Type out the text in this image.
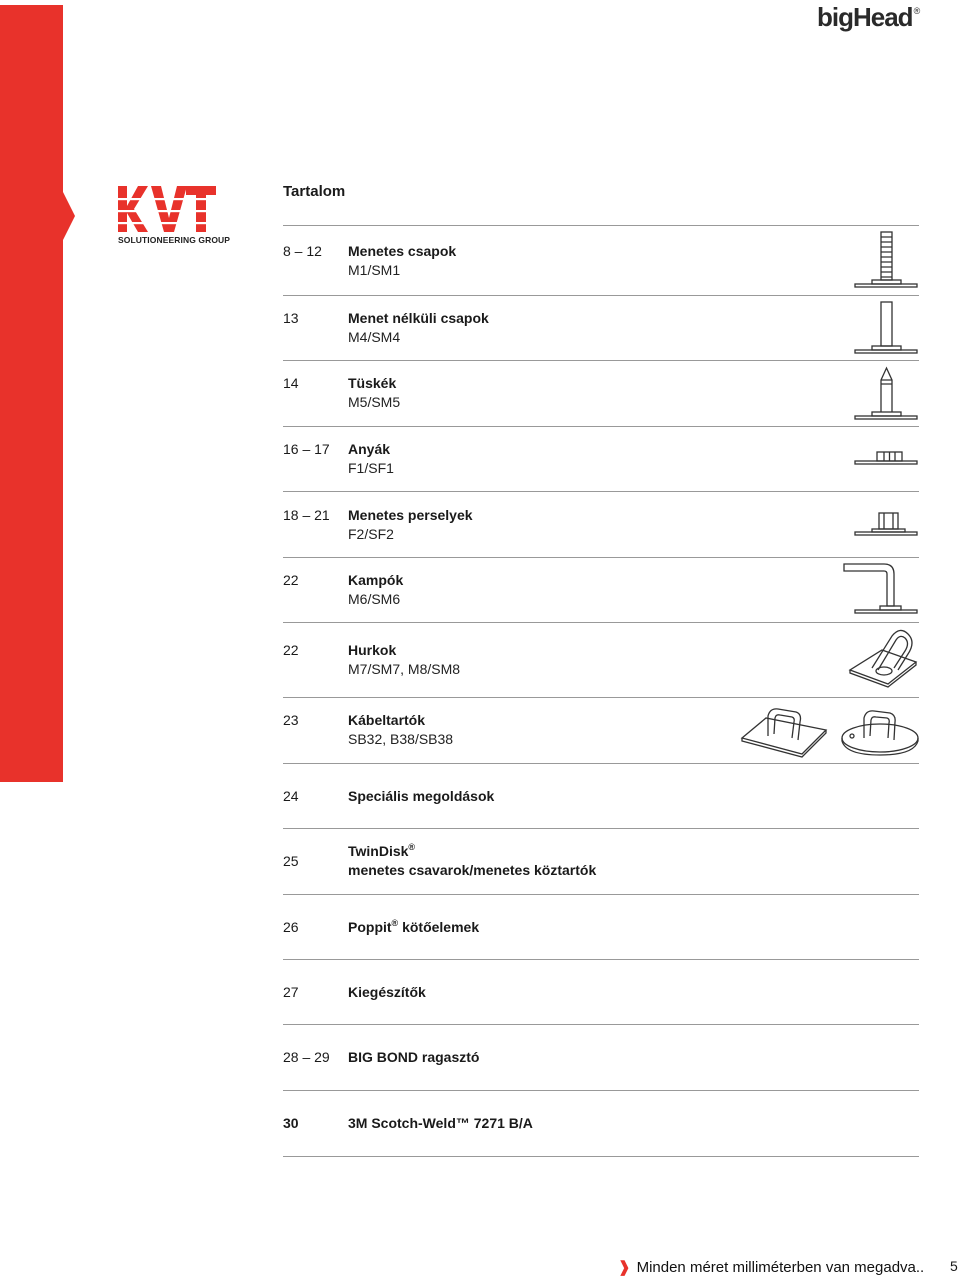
bigHead®
SOLUTIONEERING GROUP
Tartalom
8 – 12 Menetes csapok
M1/SM1
13	Menet nélküli csapok
M4/SM4
14	Tüskék
M5/SM5
16 – 17 Anyák
F1/SF1
18 – 21 Menetes perselyek
F2/SF2
22	Kampók
M6/SM6
22	Hurkok
M7/SM7, M8/SM8
23	Kábeltartók
SB32, B38/SB38
24	Speciális megoldások
25
TwinDisk®
menetes csavarok/menetes köztartók
26	Poppit® kötőelemek
27	Kiegészítők
28 – 29 BIG BOND ragasztó
30	3M Scotch-Weld™ 7271 B/A
❱ Minden méret milliméterben van megadva.. 5
